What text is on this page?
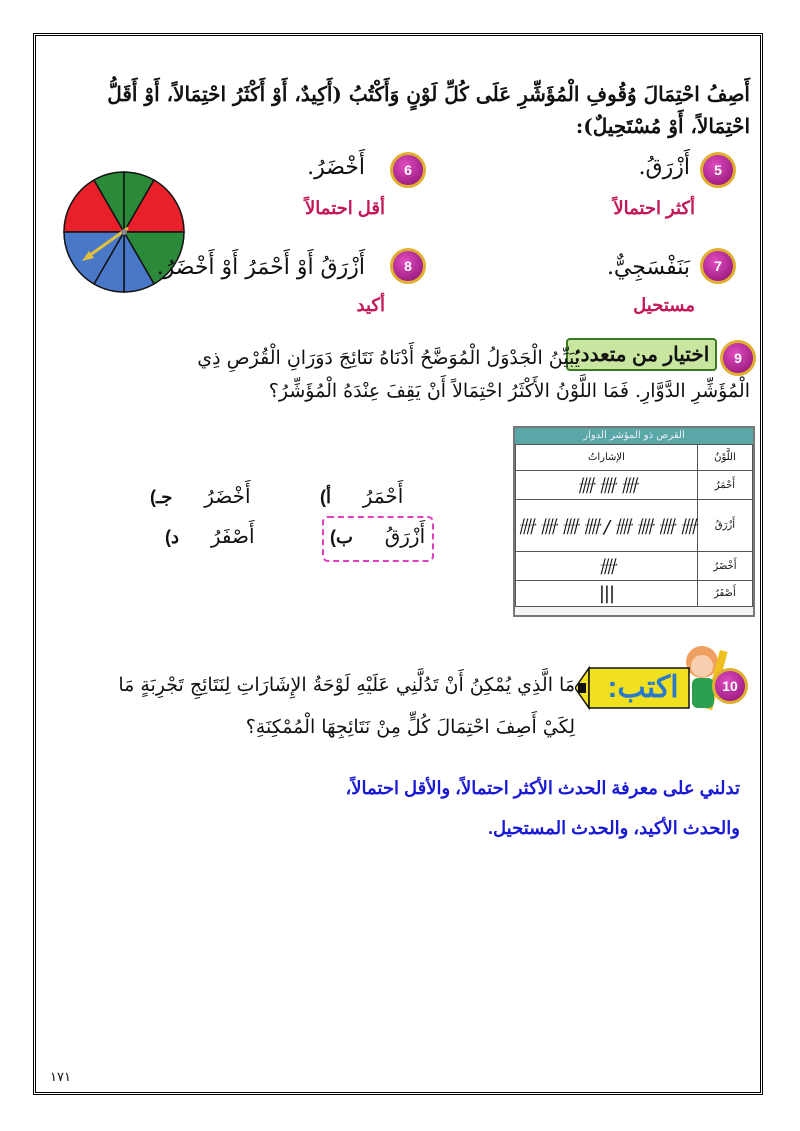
أَصِفُ احْتِمَالَ وُقُوفِ الْمُؤَشِّرِ عَلَى كُلِّ لَوْنٍ وَأَكْتُبُ (أَكِيدٌ، أَوْ أَكْثَرُ احْتِمَالاً، أَوْ أَقَلُّ احْتِمَالاً، أَوْ مُسْتَحِيلٌ):
5
أَزْرَقُ.
أكثر احتمالاً
6
أَخْضَرُ.
أقل احتمالاً
7
بَنَفْسَجِيٌّ.
مستحيل
8
أَزْرَقُ أَوْ أَحْمَرُ أَوْ أَخْضَرُ.
أكيد
9
اختيار من متعدد:
يُبَيِّنُ الْجَدْوَلُ الْمُوَضَّحُ أَدْنَاهُ نَتَائِجَ دَوَرَانِ الْقُرْصِ ذِي
الْمُؤَشِّرِ الدَّوَّارِ. فَمَا اللَّوْنُ الأَكْثَرُ احْتِمَالاً أَنْ يَقِفَ عِنْدَهُ الْمُؤَشِّرُ؟
القرص ذو المؤشر الدوار
اللَّوْنُ	الإشاراتُ
أَحْمَرُ	卌 卌 卌
أَزْرَقُ	卌 卌 卌 卌 / 卌 卌 卌 卌
أَخْضَرُ	卌
أَصْفَرُ	|||
أَحْمَرُ     أ)
أَخْضَرُ     جـ)
أَزْرَقُ     ب)
أَصْفَرُ     د)
10
اكتب:
مَا الَّذِي يُمْكِنُ أَنْ تَدُلَّنِي عَلَيْهِ لَوْحَةُ الإِشَارَاتِ لِنَتَائِجِ تَجْرِبَةٍ مَا
لِكَيْ أَصِفَ احْتِمَالَ كُلٍّ مِنْ نَتَائِجِهَا الْمُمْكِنَةِ؟
تدلني على معرفة الحدث الأكثر احتمالاً، والأقل احتمالاً،
والحدث الأكيد، والحدث المستحيل.
١٧١
